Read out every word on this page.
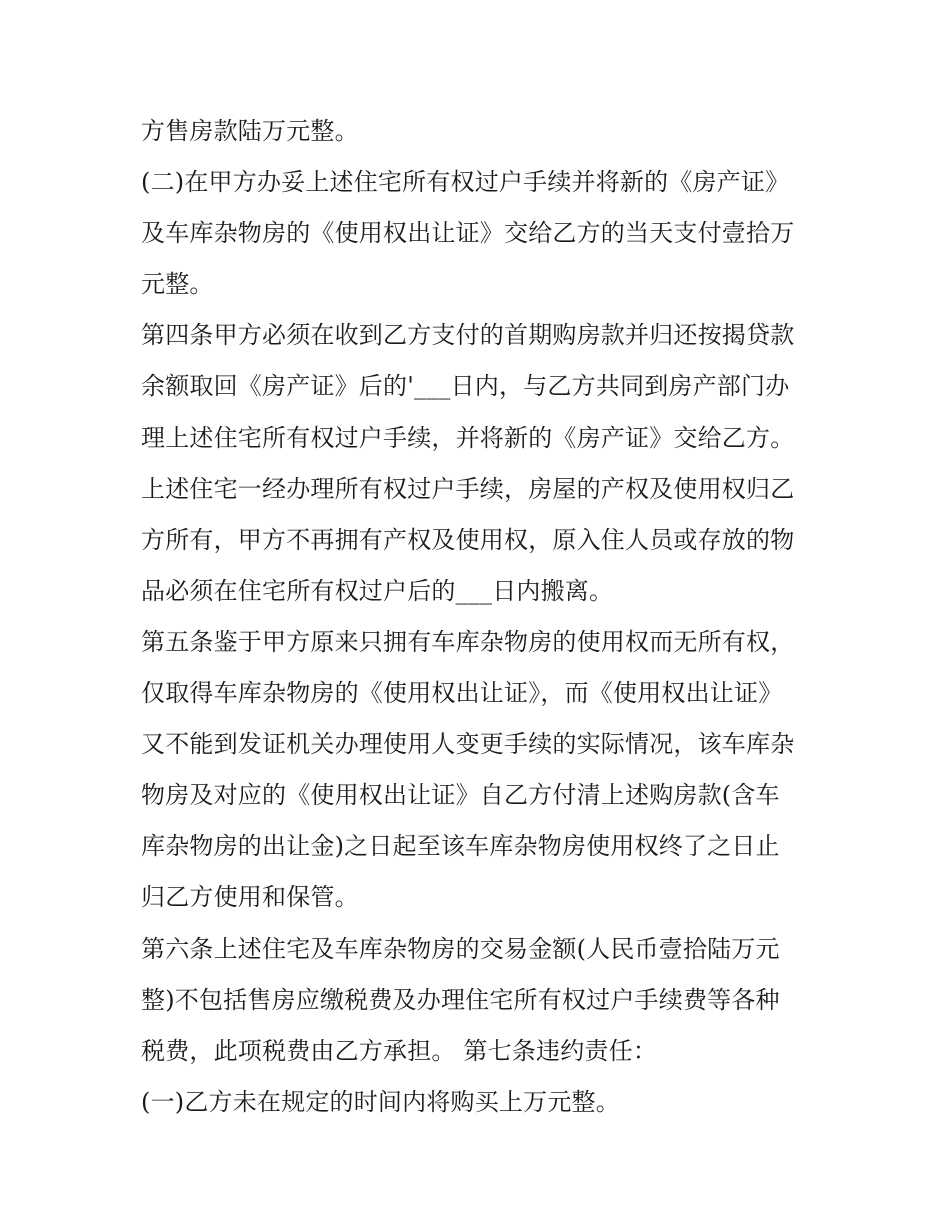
方售房款陆万元整。
(二)在甲方办妥上述住宅所有权过户手续并将新的《房产证》
及车库杂物房的《使用权出让证》交给乙方的当天支付壹拾万
元整。
第四条甲方必须在收到乙方支付的首期购房款并归还按揭贷款
余额取回《房产证》后的'___日内，与乙方共同到房产部门办
理上述住宅所有权过户手续，并将新的《房产证》交给乙方。
上述住宅一经办理所有权过户手续，房屋的产权及使用权归乙
方所有，甲方不再拥有产权及使用权，原入住人员或存放的物
品必须在住宅所有权过户后的___日内搬离。
第五条鉴于甲方原来只拥有车库杂物房的使用权而无所有权，
仅取得车库杂物房的《使用权出让证》，而《使用权出让证》
又不能到发证机关办理使用人变更手续的实际情况，该车库杂
物房及对应的《使用权出让证》自乙方付清上述购房款(含车
库杂物房的出让金)之日起至该车库杂物房使用权终了之日止
归乙方使用和保管。
第六条上述住宅及车库杂物房的交易金额(人民币壹拾陆万元
整)不包括售房应缴税费及办理住宅所有权过户手续费等各种
税费，此项税费由乙方承担。 第七条违约责任：
(一)乙方未在规定的时间内将购买上万元整。
